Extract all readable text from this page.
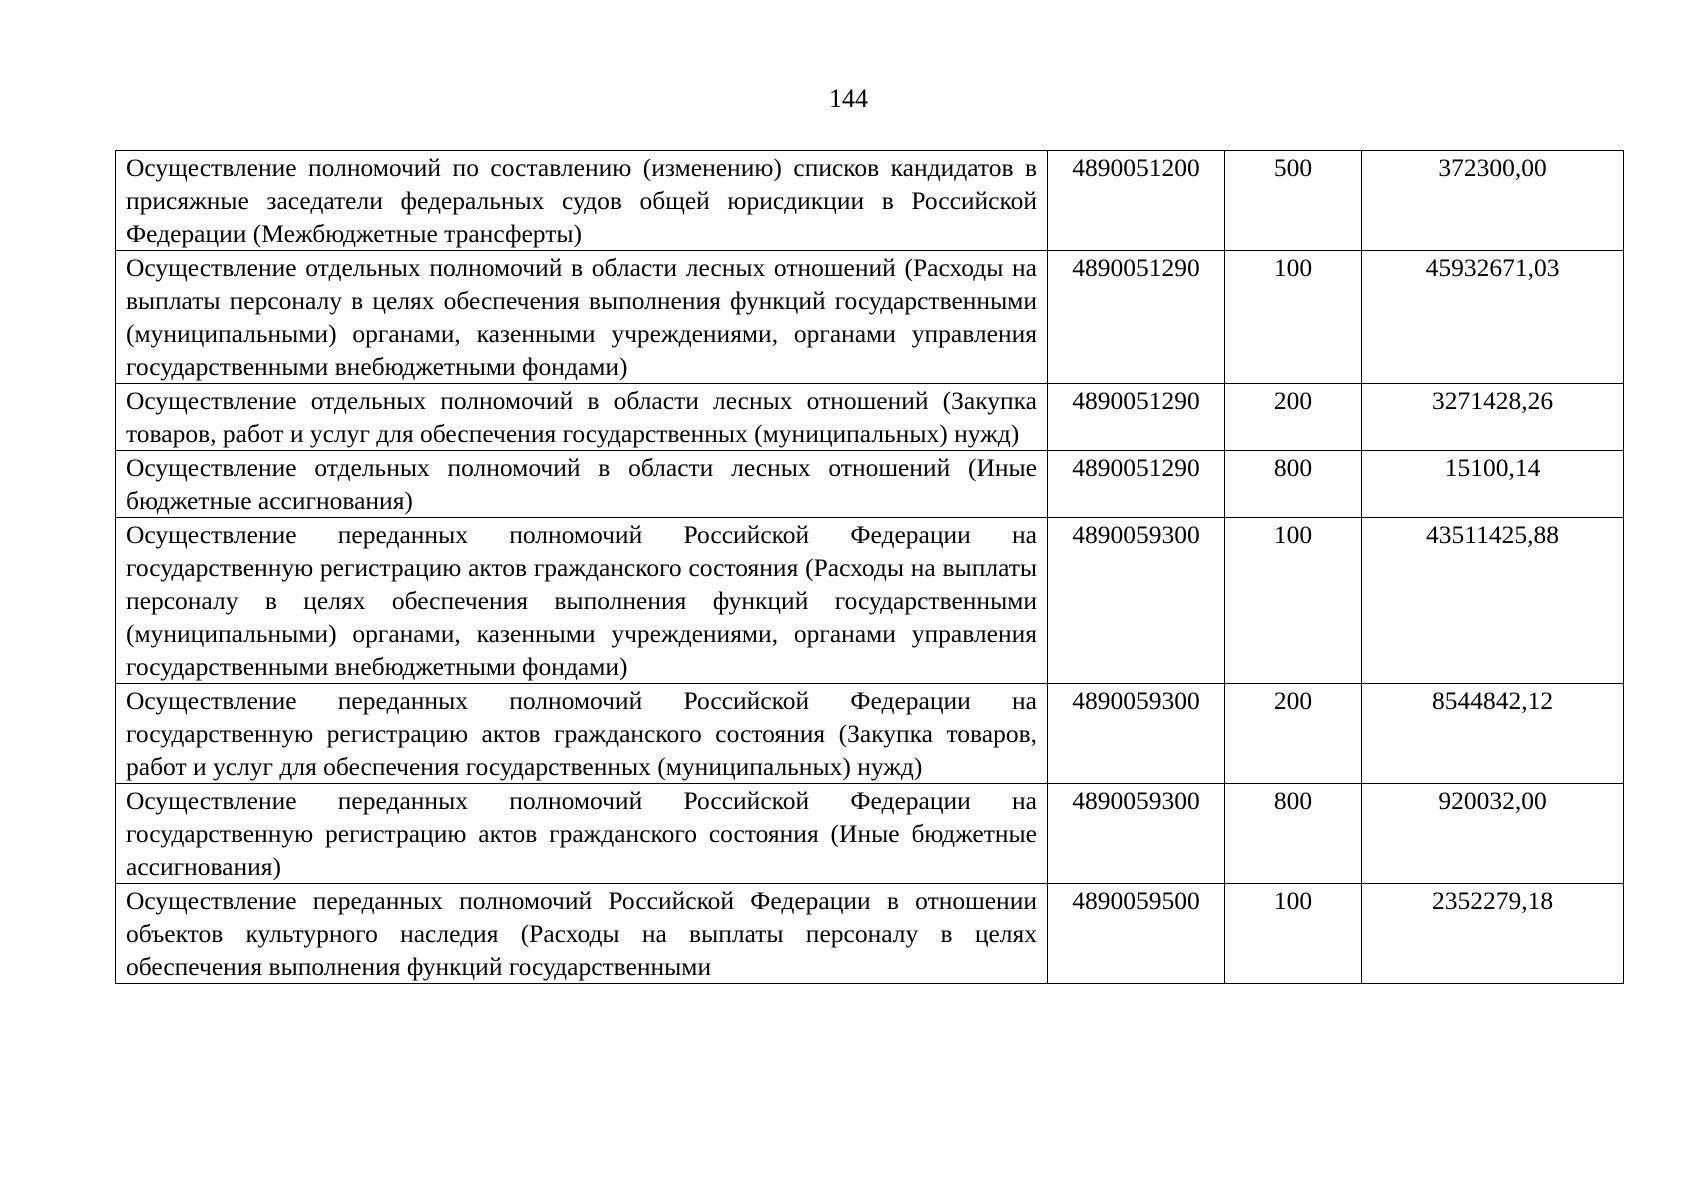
144
Осуществление полномочий по составлению (изменению) списков кандидатов в присяжные заседатели федеральных судов общей юрисдикции в Российской Федерации (Межбюджетные трансферты)	4890051200	500	372300,00
Осуществление отдельных полномочий в области лесных отношений (Расходы на выплаты персоналу в целях обеспечения выполнения функций государственными (муниципальными) органами, казенными учреждениями, органами управления государственными внебюджетными фондами)	4890051290	100	45932671,03
Осуществление отдельных полномочий в области лесных отношений (Закупка товаров, работ и услуг для обеспечения государственных (муниципальных) нужд)	4890051290	200	3271428,26
Осуществление отдельных полномочий в области лесных отношений (Иные бюджетные ассигнования)	4890051290	800	15100,14
Осуществление переданных полномочий Российской Федерации на государственную регистрацию актов гражданского состояния (Расходы на выплаты персоналу в целях обеспечения выполнения функций государственными (муниципальными) органами, казенными учреждениями, органами управления государственными внебюджетными фондами)	4890059300	100	43511425,88
Осуществление переданных полномочий Российской Федерации на государственную регистрацию актов гражданского состояния (Закупка товаров, работ и услуг для обеспечения государственных (муниципальных) нужд)	4890059300	200	8544842,12
Осуществление переданных полномочий Российской Федерации на государственную регистрацию актов гражданского состояния (Иные бюджетные ассигнования)	4890059300	800	920032,00
Осуществление переданных полномочий Российской Федерации в отношении объектов культурного наследия (Расходы на выплаты персоналу в целях обеспечения выполнения функций государственными	4890059500	100	2352279,18
